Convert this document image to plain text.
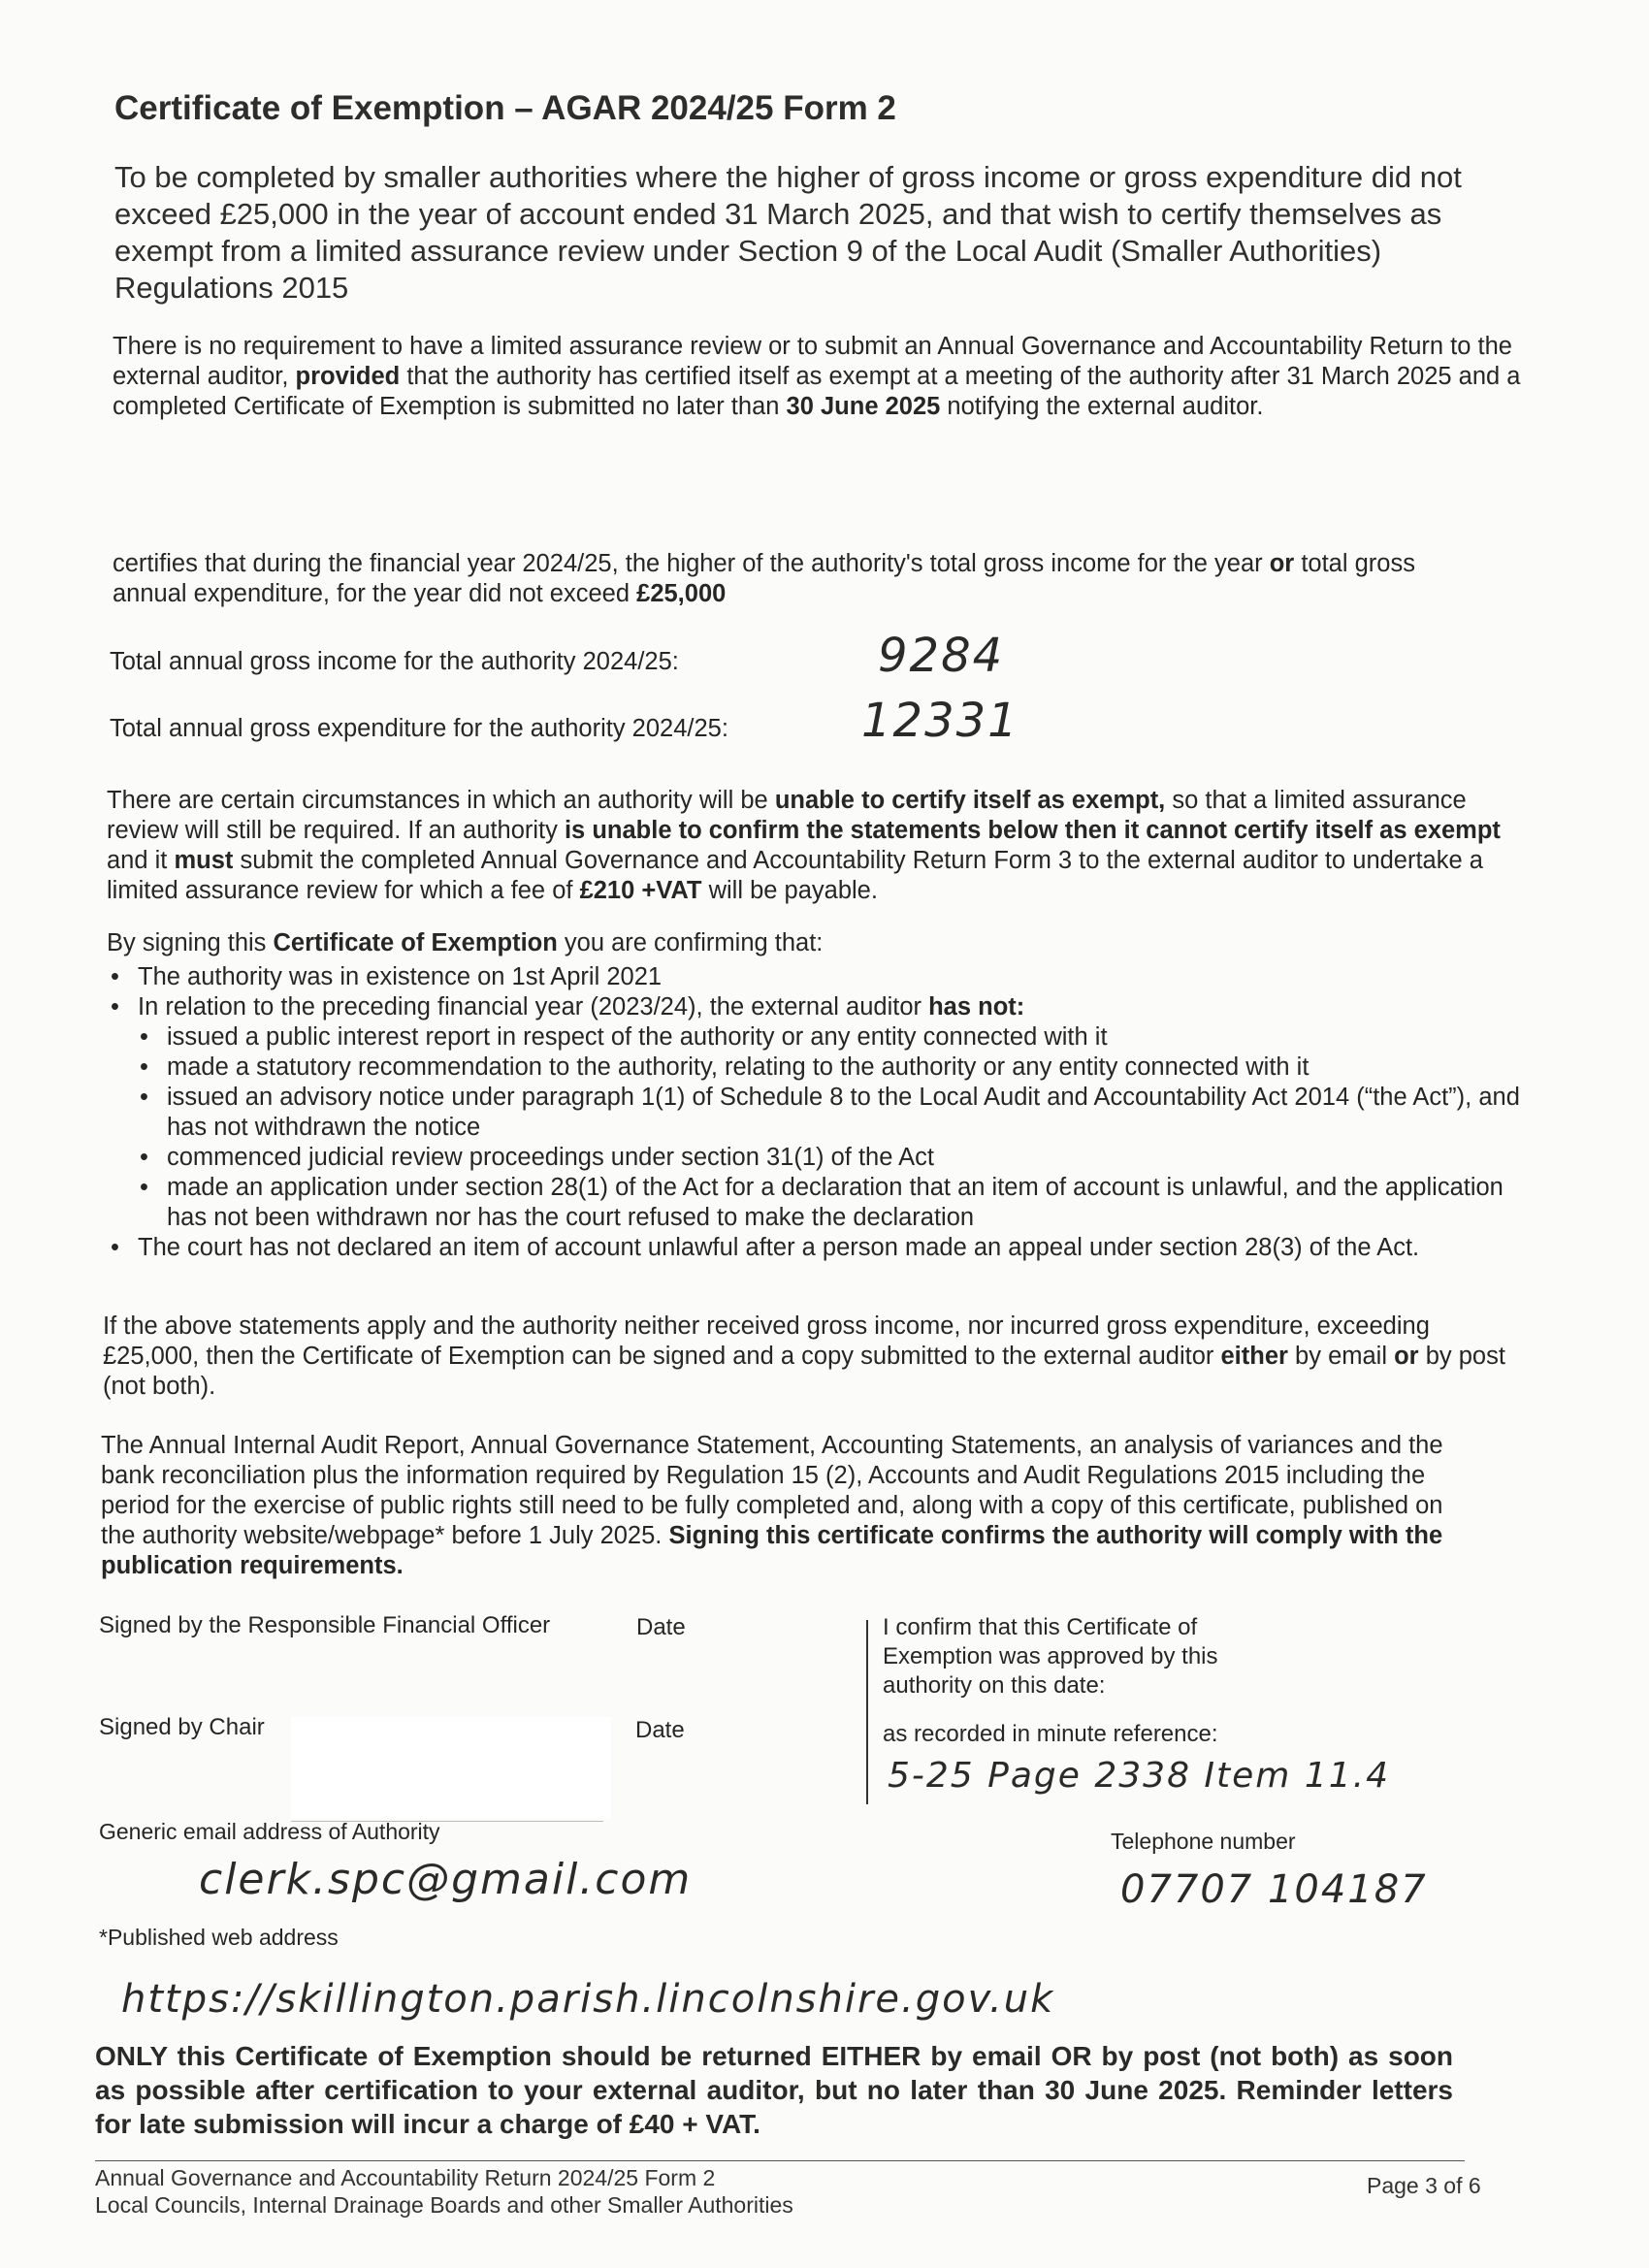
Certificate of Exemption – AGAR 2024/25 Form 2
To be completed by smaller authorities where the higher of gross income or gross expenditure did not exceed £25,000 in the year of account ended 31 March 2025, and that wish to certify themselves as exempt from a limited assurance review under Section 9 of the Local Audit (Smaller Authorities) Regulations 2015
There is no requirement to have a limited assurance review or to submit an Annual Governance and Accountability Return to the external auditor, provided that the authority has certified itself as exempt at a meeting of the authority after 31 March 2025 and a completed Certificate of Exemption is submitted no later than 30 June 2025 notifying the external auditor.
certifies that during the financial year 2024/25, the higher of the authority's total gross income for the year or total gross annual expenditure, for the year did not exceed £25,000
Total annual gross income for the authority 2024/25:	9284
Total annual gross expenditure for the authority 2024/25:	12331
There are certain circumstances in which an authority will be unable to certify itself as exempt, so that a limited assurance review will still be required. If an authority is unable to confirm the statements below then it cannot certify itself as exempt and it must submit the completed Annual Governance and Accountability Return Form 3 to the external auditor to undertake a limited assurance review for which a fee of £210 +VAT will be payable.
By signing this Certificate of Exemption you are confirming that:
• The authority was in existence on 1st April 2021
• In relation to the preceding financial year (2023/24), the external auditor has not:
• issued a public interest report in respect of the authority or any entity connected with it
• made a statutory recommendation to the authority, relating to the authority or any entity connected with it
• issued an advisory notice under paragraph 1(1) of Schedule 8 to the Local Audit and Accountability Act 2014 (“the Act”), and has not withdrawn the notice
• commenced judicial review proceedings under section 31(1) of the Act
• made an application under section 28(1) of the Act for a declaration that an item of account is unlawful, and the application has not been withdrawn nor has the court refused to make the declaration
• The court has not declared an item of account unlawful after a person made an appeal under section 28(3) of the Act.
If the above statements apply and the authority neither received gross income, nor incurred gross expenditure, exceeding £25,000, then the Certificate of Exemption can be signed and a copy submitted to the external auditor either by email or by post (not both).
The Annual Internal Audit Report, Annual Governance Statement, Accounting Statements, an analysis of variances and the bank reconciliation plus the information required by Regulation 15 (2), Accounts and Audit Regulations 2015 including the period for the exercise of public rights still need to be fully completed and, along with a copy of this certificate, published on the authority website/webpage* before 1 July 2025. Signing this certificate confirms the authority will comply with the publication requirements.
Signed by the Responsible Financial Officer	Date
Signed by Chair	Date
I confirm that this Certificate of Exemption was approved by this authority on this date:
as recorded in minute reference:
5-25 Page 2338 Item 11.4
Generic email address of Authority
clerk.spc@gmail.com
Telephone number
07707 104187
*Published web address
https://skillington.parish.lincolnshire.gov.uk
ONLY this Certificate of Exemption should be returned EITHER by email OR by post (not both) as soon as possible after certification to your external auditor, but no later than 30 June 2025. Reminder letters for late submission will incur a charge of £40 + VAT.
Annual Governance and Accountability Return 2024/25 Form 2
Local Councils, Internal Drainage Boards and other Smaller Authorities
Page 3 of 6
